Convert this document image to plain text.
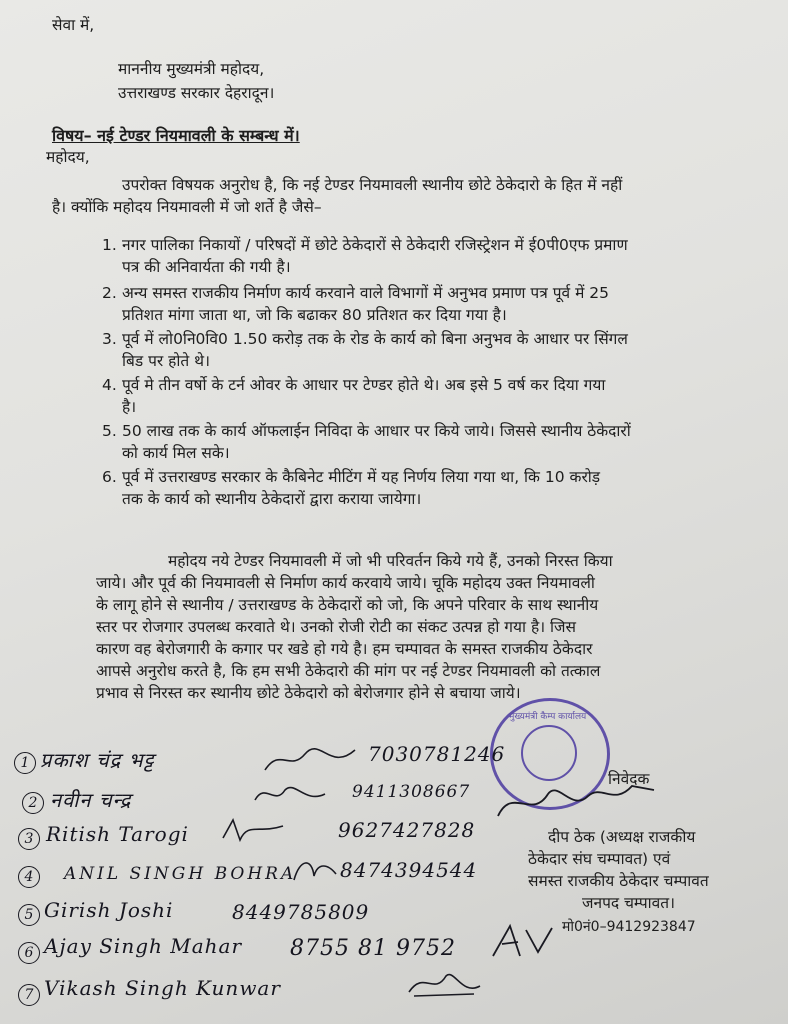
सेवा में,
माननीय मुख्यमंत्री महोदय,
उत्तराखण्ड सरकार देहरादून।
विषय– नई टेण्डर नियमावली के सम्बन्ध में।
महोदय,
उपरोक्त विषयक अनुरोध है, कि नई टेण्डर नियमावली स्थानीय छोटे ठेकेदारो के हित में नहीं
है। क्योंकि महोदय नियमावली में जो शर्ते है जैसे–
1. नगर पालिका निकायों / परिषदों में छोटे ठेकेदारों से ठेकेदारी रजिस्ट्रेशन में ई0पी0एफ प्रमाण
पत्र की अनिवार्यता की गयी है।
2. अन्य समस्त राजकीय निर्माण कार्य करवाने वाले विभागों में अनुभव प्रमाण पत्र पूर्व में 25
प्रतिशत मांगा जाता था, जो कि बढाकर 80 प्रतिशत कर दिया गया है।
3. पूर्व में लो0नि0वि0 1.50 करोड़ तक के रोड के कार्य को बिना अनुभव के आधार पर सिंगल
बिड पर होते थे।
4. पूर्व मे तीन वर्षो के टर्न ओवर के आधार पर टेण्डर होते थे। अब इसे 5 वर्ष कर दिया गया
है।
5. 50 लाख तक के कार्य ऑफलाईन निविदा के आधार पर किये जाये। जिससे स्थानीय ठेकेदारों
को कार्य मिल सके।
6. पूर्व में उत्तराखण्ड सरकार के कैबिनेट मीटिंग में यह निर्णय लिया गया था, कि 10 करोड़
तक के कार्य को स्थानीय ठेकेदारों द्वारा कराया जायेगा।
महोदय नये टेण्डर नियमावली में जो भी परिवर्तन किये गये हैं, उनको निरस्त किया
जाये। और पूर्व की नियमावली से निर्माण कार्य करवाये जाये। चूकि महोदय उक्त नियमावली
के लागू होने से स्थानीय / उत्तराखण्ड के ठेकेदारों को जो, कि अपने परिवार के साथ स्थानीय
स्तर पर रोजगार उपलब्ध करवाते थे। उनको रोजी रोटी का संकट उत्पन्न हो गया है। जिस
कारण वह बेरोजगारी के कगार पर खडे हो गये है। हम चम्पावत के समस्त राजकीय ठेकेदार
आपसे अनुरोध करते है, कि हम सभी ठेकेदारो की मांग पर नई टेण्डर नियमावली को तत्काल
प्रभाव से निरस्त कर स्थानीय छोटे ठेकेदारो को बेरोजगार होने से बचाया जाये।
मुख्यमंत्री कैम्प कार्यालय
निवेदक
दीप ठेक (अध्यक्ष राजकीय
ठेकेदार संघ चम्पावत) एवं
समस्त राजकीय ठेकेदार चम्पावत
जनपद चम्पावत।
मो0नं0–9412923847
1 प्रकाश चंद्र भट्ट	7030781246
2 नवीन चन्द्र	9411308667
3 Ritish Tarogi	9627427828
4	ANIL SINGH BOHRA 8474394544
5 Girish Joshi	8449785809
6 Ajay Singh Mahar 8755 81 9752
7 Vikash Singh Kunwar
